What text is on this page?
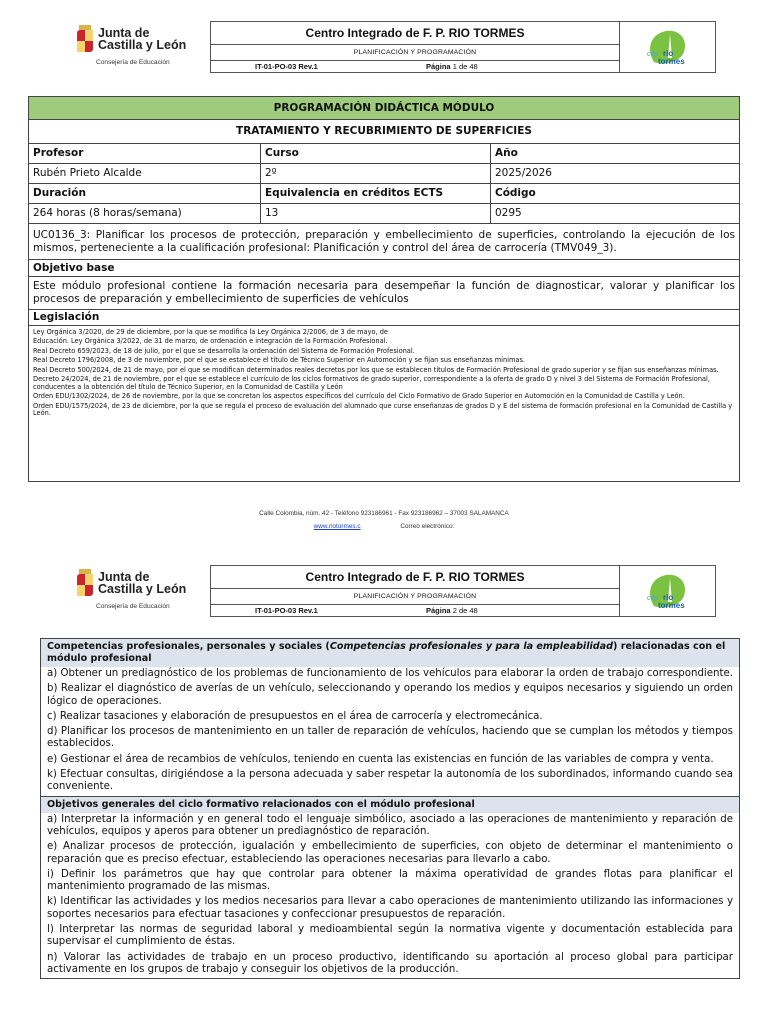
Junta de
Castilla y León
Consejería de Educación
Centro Integrado de F. P. RIO TORMES
PLANIFICACIÓN Y PROGRAMACIÓN
IT-01-PO-03 Rev.1	Página 1 de 48
cifp rio
tormes
PROGRAMACIÓN DIDÁCTICA MÓDULO
TRATAMIENTO Y RECUBRIMIENTO DE SUPERFICIES
Profesor	Curso	Año
Rubén Prieto Alcalde	2º	2025/2026
Duración	Equivalencia en créditos ECTS	Código
264 horas (8 horas/semana)	13	0295
UC0136_3: Planificar los procesos de protección, preparación y embellecimiento de superficies, controlando la ejecución de los mismos, perteneciente a la cualificación profesional: Planificación y control del área de carrocería (TMV049_3).
Objetivo base
Este módulo profesional contiene la formación necesaria para desempeñar la función de diagnosticar, valorar y planificar los procesos de preparación y embellecimiento de superficies de vehículos
Legislación

Ley Orgánica 3/2020, de 29 de diciembre, por la que se modifica la Ley Orgánica 2/2006, de 3 de mayo, de

Educación. Ley Orgánica 3/2022, de 31 de marzo, de ordenación e integración de la Formación Profesional.

Real Decreto 659/2023, de 18 de julio, por el que se desarrolla la ordenación del Sistema de Formación Profesional.

Real Decreto 1796/2008, de 3 de noviembre, por el que se establece el título de Técnico Superior en Automoción y se fijan sus enseñanzas mínimas.

Real Decreto 500/2024, de 21 de mayo, por el que se modifican determinados reales decretos por los que se establecen títulos de Formación Profesional de grado superior y se fijan sus enseñanzas mínimas.

Decreto 24/2024, de 21 de noviembre, por el que se establece el currículo de los ciclos formativos de grado superior, correspondiente a la oferta de grado D y nivel 3 del Sistema de Formación Profesional, conducentes a la obtención del título de Técnico Superior, en la Comunidad de Castilla y León

Orden EDU/1302/2024, de 26 de noviembre, por la que se concretan los aspectos específicos del currículo del Ciclo Formativo de Grado Superior en Automoción en la Comunidad de Castilla y León.

Orden EDU/1575/2024, de 23 de diciembre, por la que se regula el proceso de evaluación del alumnado que curse enseñanzas de grados D y E del sistema de formación profesional en la Comunidad de Castilla y León.

Calle Colombia, núm. 42 - Teléfono 923186961 - Fax 923186962 – 37003 SALAMANCA
www.riotormes.c	Correo electrónico:
Junta de
Castilla y León
Consejería de Educación
Centro Integrado de F. P. RIO TORMES
PLANIFICACIÓN Y PROGRAMACIÓN
IT-01-PO-03 Rev.1	Página 2 de 48
cifp rio
tormes
Competencias profesionales, personales y sociales (Competencias profesionales y para la empleabilidad) relacionadas con el módulo profesional
a) Obtener un prediagnóstico de los problemas de funcionamiento de los vehículos para elaborar la orden de trabajo correspondiente.
b) Realizar el diagnóstico de averías de un vehículo, seleccionando y operando los medios y equipos necesarios y siguiendo un orden lógico de operaciones.
c) Realizar tasaciones y elaboración de presupuestos en el área de carrocería y electromecánica.
d) Planificar los procesos de mantenimiento en un taller de reparación de vehículos, haciendo que se cumplan los métodos y tiempos establecidos.
e) Gestionar el área de recambios de vehículos, teniendo en cuenta las existencias en función de las variables de compra y venta.
k) Efectuar consultas, dirigiéndose a la persona adecuada y saber respetar la autonomía de los subordinados, informando cuando sea conveniente.
Objetivos generales del ciclo formativo relacionados con el módulo profesional
a) Interpretar la información y en general todo el lenguaje simbólico, asociado a las operaciones de mantenimiento y reparación de vehículos, equipos y aperos para obtener un prediagnóstico de reparación.
e) Analizar procesos de protección, igualación y embellecimiento de superficies, con objeto de determinar el mantenimiento o reparación que es preciso efectuar, estableciendo las operaciones necesarias para llevarlo a cabo.
i) Definir los parámetros que hay que controlar para obtener la máxima operatividad de grandes flotas para planificar el mantenimiento programado de las mismas.
k) Identificar las actividades y los medios necesarios para llevar a cabo operaciones de mantenimiento utilizando las informaciones y soportes necesarios para efectuar tasaciones y confeccionar presupuestos de reparación.
l) Interpretar las normas de seguridad laboral y medioambiental según la normativa vigente y documentación establecida para supervisar el cumplimiento de éstas.
n) Valorar las actividades de trabajo en un proceso productivo, identificando su aportación al proceso global para participar activamente en los grupos de trabajo y conseguir los objetivos de la producción.
